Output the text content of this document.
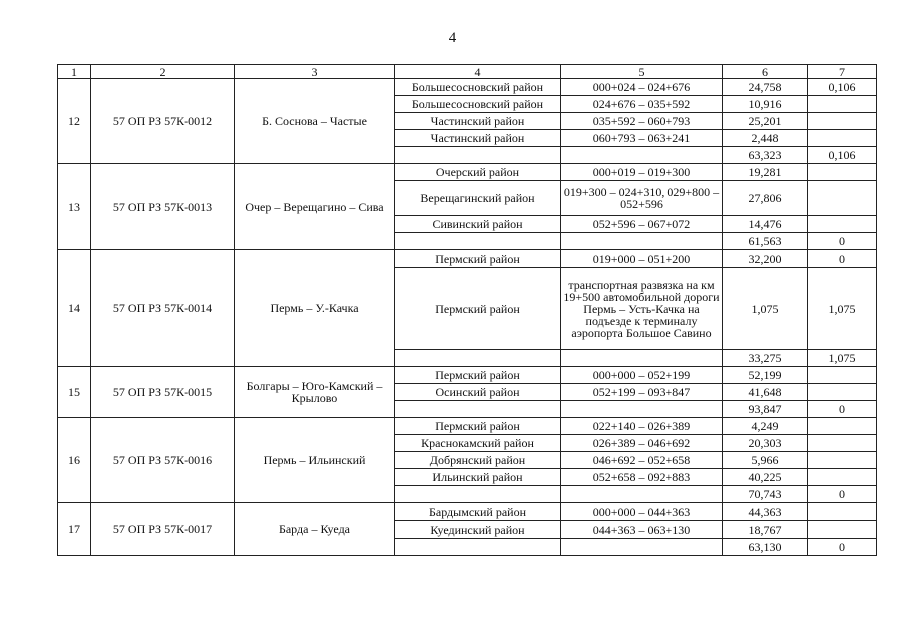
4
1	2	3	4	5	6	7
12	57 ОП РЗ 57К-0012	Б. Соснова – Частые	Большесосновский район	000+024 – 024+676	24,758	0,106
			Большесосновский район	024+676 – 035+592	10,916	
			Частинский район	035+592 – 060+793	25,201	
			Частинский район	060+793 – 063+241	2,448	
					63,323	0,106
13	57 ОП РЗ 57К-0013	Очер – Верещагино – Сива	Очерский район	000+019 – 019+300	19,281	
			Верещагинский район	019+300 – 024+310, 029+800 – 052+596	27,806	
			Сивинский район	052+596 – 067+072	14,476	
					61,563	0
14	57 ОП РЗ 57К-0014	Пермь – У.-Качка	Пермский район	019+000 – 051+200	32,200	0
			Пермский район	транспортная развязка на км 19+500 автомобильной дороги Пермь – Усть-Качка на подъезде к терминалу аэропорта Большое Савино	1,075	1,075
					33,275	1,075
15	57 ОП РЗ 57К-0015	Болгары – Юго-Камский – Крылово	Пермский район	000+000 – 052+199	52,199	
			Осинский район	052+199 – 093+847	41,648	
					93,847	0
16	57 ОП РЗ 57К-0016	Пермь – Ильинский	Пермский район	022+140 – 026+389	4,249	
			Краснокамский район	026+389 – 046+692	20,303	
			Добрянский район	046+692 – 052+658	5,966	
			Ильинский район	052+658 – 092+883	40,225	
					70,743	0
17	57 ОП РЗ 57К-0017	Барда – Куеда	Бардымский район	000+000 – 044+363	44,363	
			Куединский район	044+363 – 063+130	18,767	
					63,130	0
